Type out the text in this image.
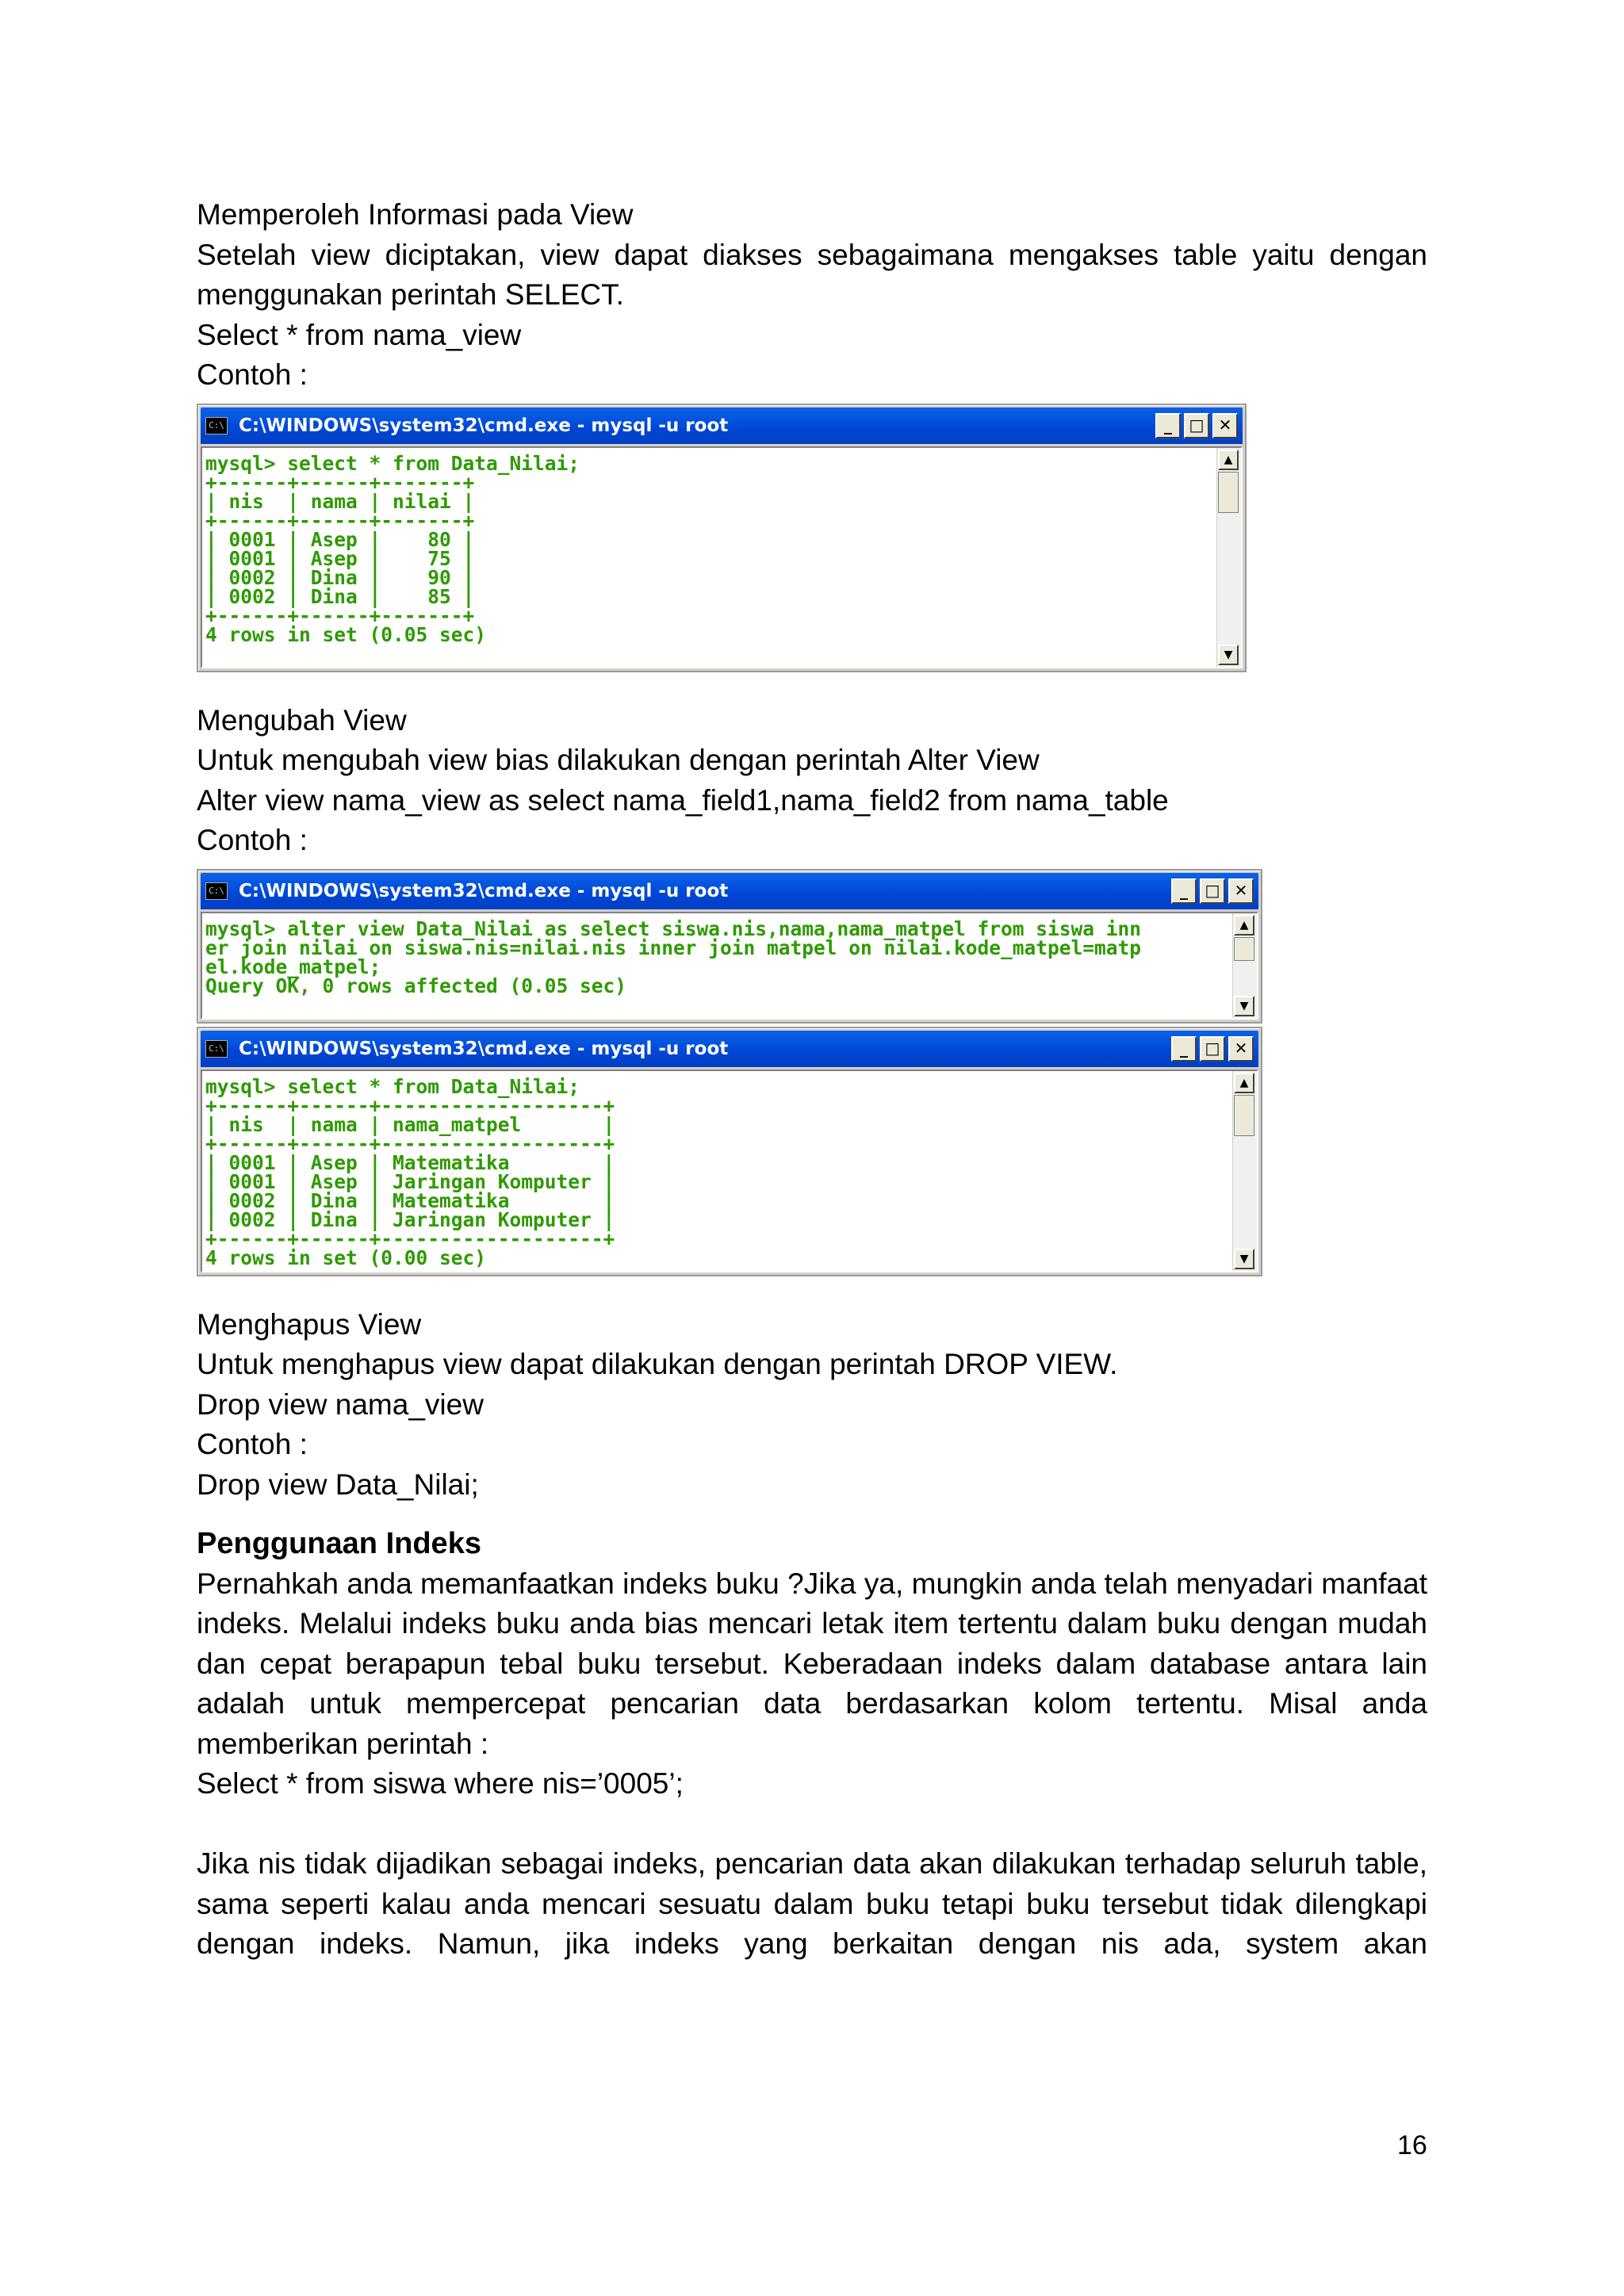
Memperoleh Informasi pada View

Setelah view diciptakan, view dapat diakses sebagaimana mengakses table yaitu dengan menggunakan perintah SELECT.

Select * from nama_view

Contoh :

C:\ C:\WINDOWS\system32\cmd.exe - mysql -u root	_	□ ✕
mysql> select * from Data_Nilai;
+------+------+-------+
| nis  | nama | nilai |
+------+------+-------+
| 0001 | Asep |    80 |
| 0001 | Asep |    75 |
| 0002 | Dina |    90 |
| 0002 | Dina |    85 |
+------+------+-------+
4 rows in set (0.05 sec)

▲
▼

Mengubah View

Untuk mengubah view bias dilakukan dengan perintah Alter View

Alter view nama_view as select nama_field1,nama_field2 from nama_table

Contoh :

C:\ C:\WINDOWS\system32\cmd.exe - mysql -u root	_	□ ✕
mysql> alter view Data_Nilai as select siswa.nis,nama,nama_matpel from siswa inn
er join nilai on siswa.nis=nilai.nis inner join matpel on nilai.kode_matpel=matp
el.kode_matpel;
Query OK, 0 rows affected (0.05 sec)

▲
▼
C:\ C:\WINDOWS\system32\cmd.exe - mysql -u root	_	□ ✕
mysql> select * from Data_Nilai;
+------+------+-------------------+
| nis  | nama | nama_matpel       |
+------+------+-------------------+
| 0001 | Asep | Matematika        |
| 0001 | Asep | Jaringan Komputer |
| 0002 | Dina | Matematika        |
| 0002 | Dina | Jaringan Komputer |
+------+------+-------------------+
4 rows in set (0.00 sec)
▲
▼

Menghapus View

Untuk menghapus view dapat dilakukan dengan perintah DROP VIEW.

Drop view nama_view

Contoh :

Drop view Data_Nilai;

Penggunaan Indeks

Pernahkah anda memanfaatkan indeks buku ?Jika ya, mungkin anda telah menyadari manfaat indeks. Melalui indeks buku anda bias mencari letak item tertentu dalam buku dengan mudah dan cepat berapapun tebal buku tersebut. Keberadaan indeks dalam database antara lain adalah untuk mempercepat pencarian data berdasarkan kolom tertentu. Misal anda memberikan perintah :

Select * from siswa where nis=’0005’;

Jika nis tidak dijadikan sebagai indeks, pencarian data akan dilakukan terhadap seluruh table, sama seperti kalau anda mencari sesuatu dalam buku tetapi buku tersebut tidak dilengkapi dengan indeks. Namun, jika indeks yang berkaitan dengan nis ada, system akan

16
